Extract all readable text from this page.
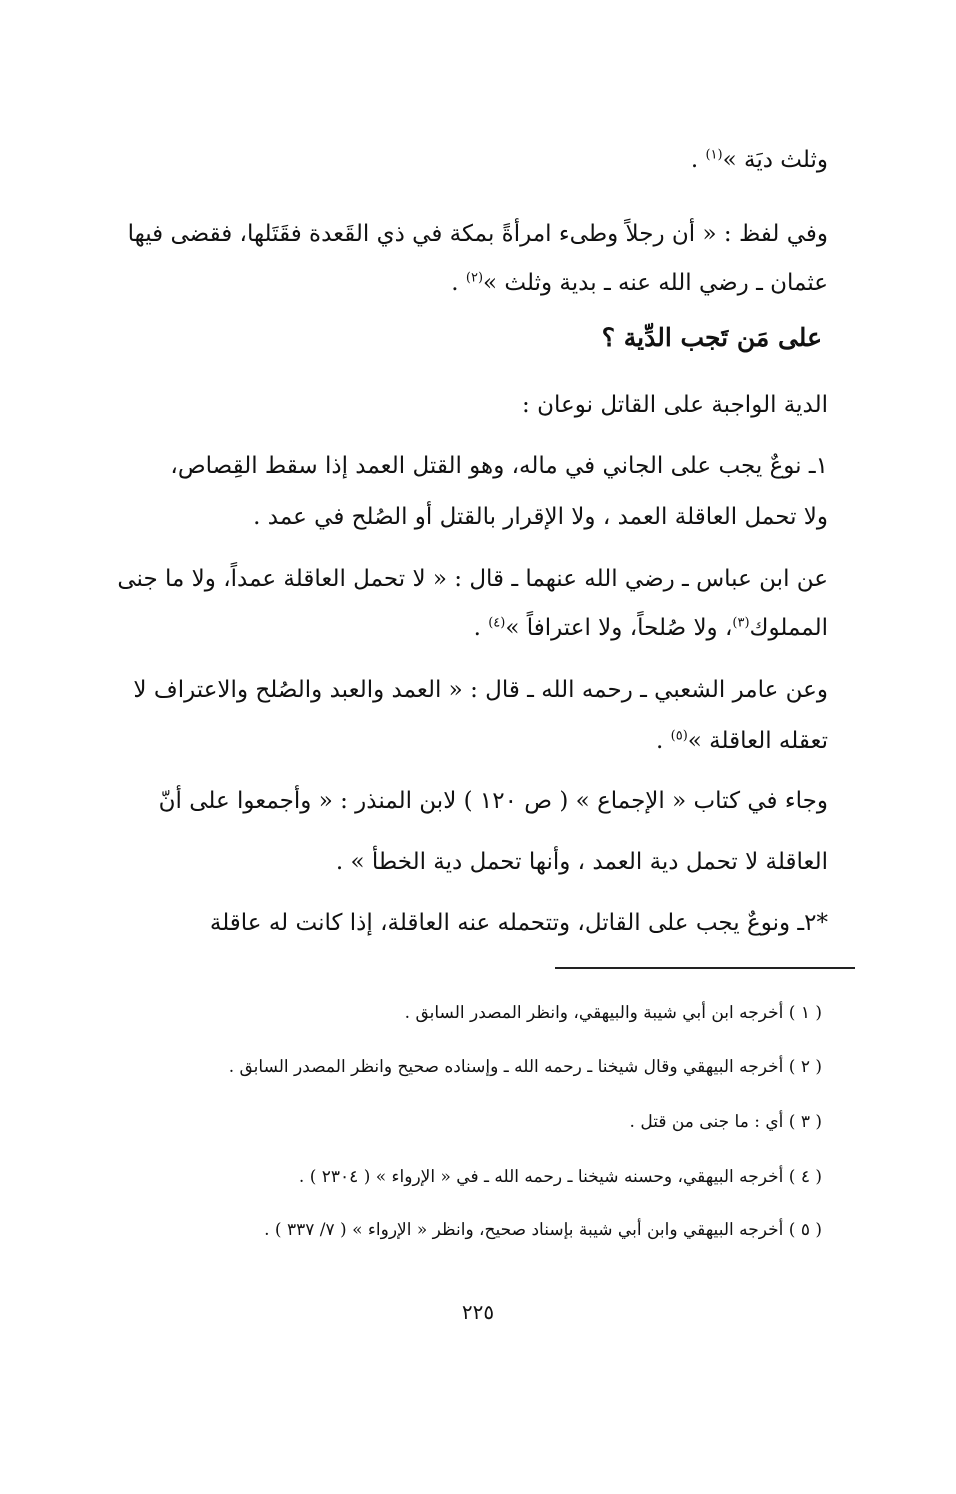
وثلث ديَة »$^{(١)}$ .
وفي لفظ : « أن رجلاً وطىء امرأةً بمكة في ذي القَعدة فقَتَلها، فقضى فيها
عثمان ـ رضي الله عنه ـ بدية وثلث »$^{(٢)}$ .
على مَن تَجب الدِّية ؟
الدية الواجبة على القاتل نوعان :
١ـ نوعٌ يجب على الجاني في ماله، وهو القتل العمد إذا سقط القِصاص،
ولا تحمل العاقلة العمد ، ولا الإقرار بالقتل أو الصُلح في عمد .
عن ابن عباس ـ رضي الله عنهما ـ قال : « لا تحمل العاقلة عمداً، ولا ما جنى
المملوك$^{(٣)}$، ولا صُلحاً، ولا اعترافاً »$^{(٤)}$ .
وعن عامر الشعبي ـ رحمه الله ـ قال : « العمد والعبد والصُلح والاعتراف لا
تعقله العاقلة »$^{(٥)}$ .
وجاء في كتاب « الإجماع » ( ص ١٢٠ ) لابن المنذر : « وأجمعوا على أنّ
العاقلة لا تحمل دية العمد ، وأنها تحمل دية الخطأ » .
*٢ـ ونوعٌ يجب على القاتل، وتتحمله عنه العاقلة، إذا كانت له عاقلة
( ١ ) أخرجه ابن أبي شيبة والبيهقي، وانظر المصدر السابق .
( ٢ ) أخرجه البيهقي وقال شيخنا ـ رحمه الله ـ وإسناده صحيح وانظر المصدر السابق .
( ٣ ) أي : ما جنى من قتل .
( ٤ ) أخرجه البيهقي، وحسنه شيخنا ـ رحمه الله ـ في « الإرواء » ( ٢٣٠٤ ) .
( ٥ ) أخرجه البيهقي وابن أبي شيبة بإسناد صحيح، وانظر « الإرواء » ( ٧/ ٣٣٧ ) .
٢٢٥
